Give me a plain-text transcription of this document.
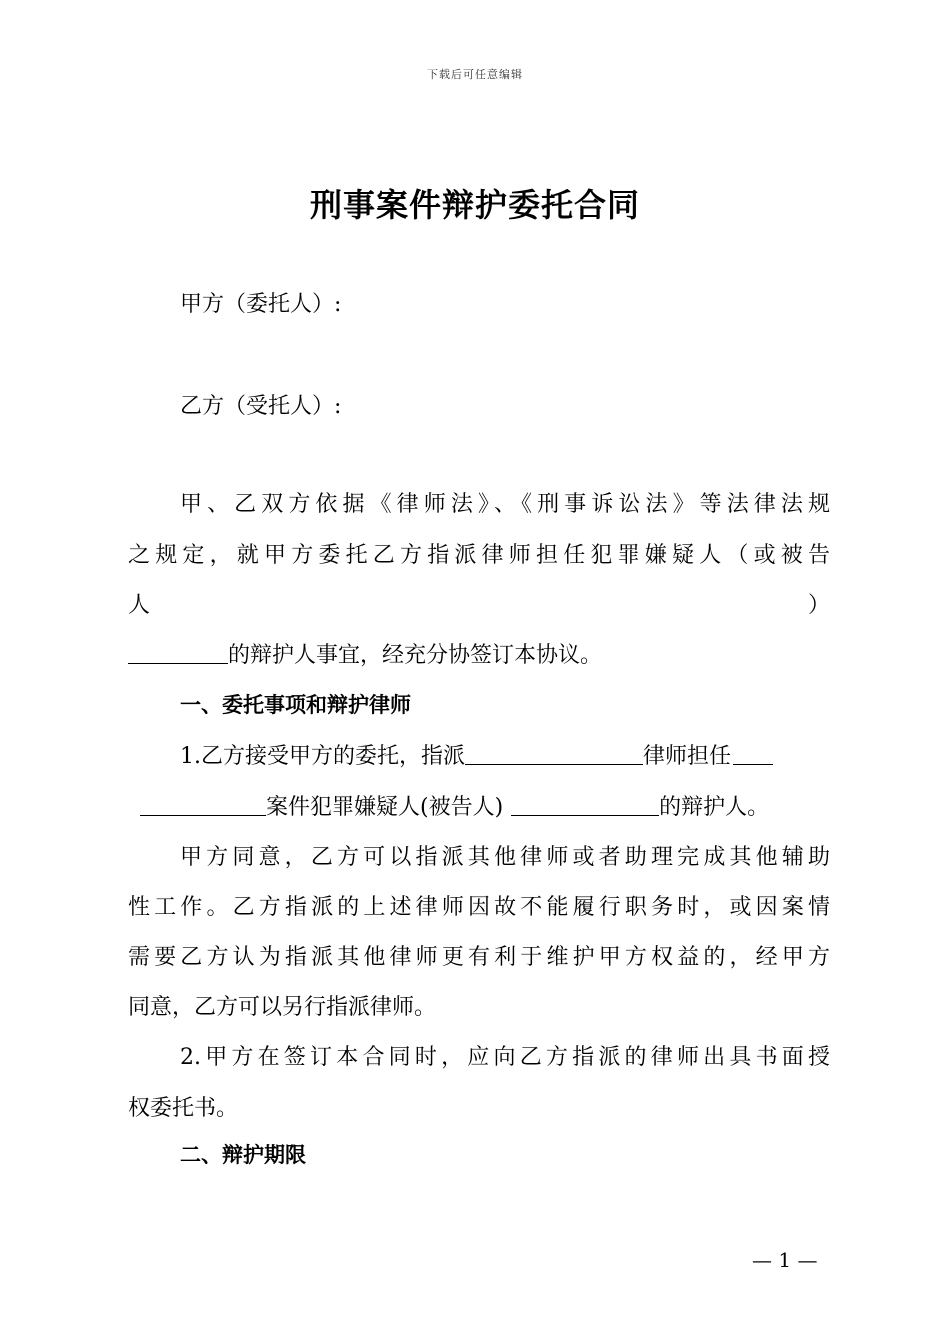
下载后可任意编辑
刑事案件辩护委托合同
甲方（委托人）:
乙方（受托人）:
甲、乙双方依据《律师法》、《刑事诉讼法》等法律法规
之规定，就甲方委托乙方指派律师担任犯罪嫌疑人（或被告
人	）
的辩护人事宜，经充分协签订本协议。
一、委托事项和辩护律师
1.乙方接受甲方的委托，指派	律师担任
案件犯罪嫌疑人(被告人)	的辩护人。
甲方同意，乙方可以指派其他律师或者助理完成其他辅助
性工作。乙方指派的上述律师因故不能履行职务时，或因案情
需要乙方认为指派其他律师更有利于维护甲方权益的，经甲方
同意，乙方可以另行指派律师。
2.甲方在签订本合同时，应向乙方指派的律师出具书面授
权委托书。
二、辩护期限
— 1 —
